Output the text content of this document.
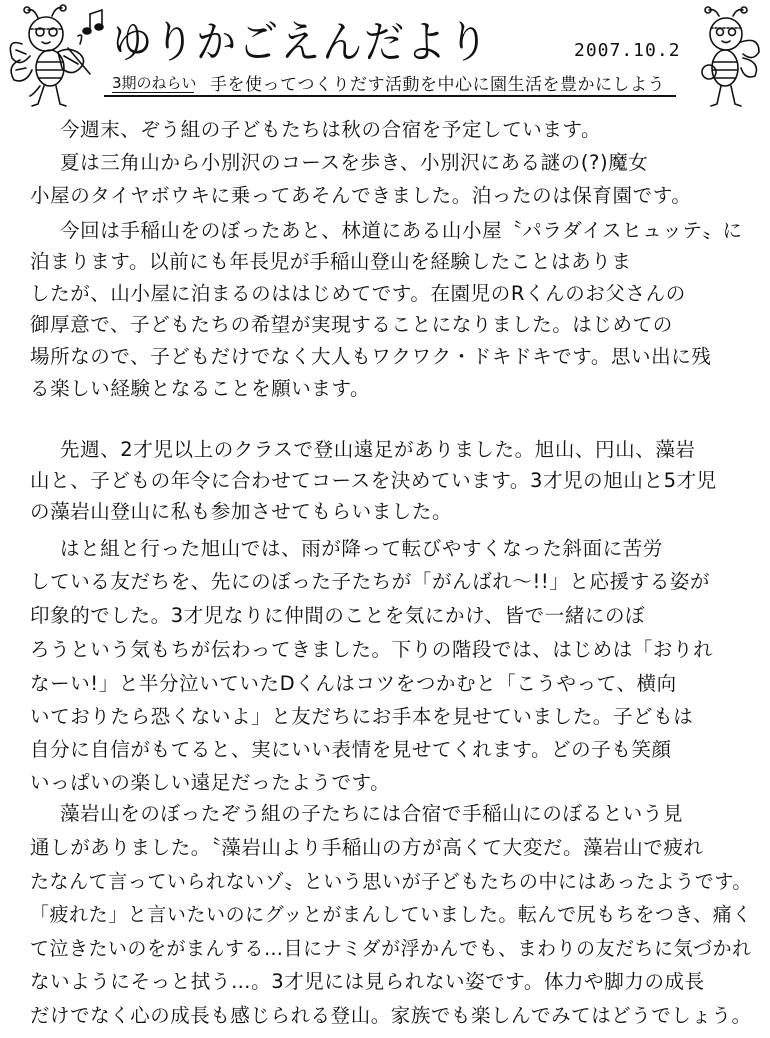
ゆりかごえんだより	2007.10.2
3期のねらい 手を使ってつくりだす活動を中心に園生活を豊かにしよう
今週末、ぞう組の子どもたちは秋の合宿を予定しています。
夏は三角山から小別沢のコースを歩き、小別沢にある謎の(?)魔女
小屋のタイヤボウキに乗ってあそんできました。泊ったのは保育園です。
今回は手稲山をのぼったあと、林道にある山小屋〝パラダイスヒュッテ〟に
泊まります。以前にも年長児が手稲山登山を経験したことはありま
したが、山小屋に泊まるのははじめてです。在園児のRくんのお父さんの
御厚意で、子どもたちの希望が実現することになりました。はじめての
場所なので、子どもだけでなく大人もワクワク・ドキドキです。思い出に残
る楽しい経験となることを願います。
先週、2才児以上のクラスで登山遠足がありました。旭山、円山、藻岩
山と、子どもの年令に合わせてコースを決めています。3才児の旭山と5才児
の藻岩山登山に私も参加させてもらいました。
はと組と行った旭山では、雨が降って転びやすくなった斜面に苦労
している友だちを、先にのぼった子たちが「がんばれ〜!!」と応援する姿が
印象的でした。3才児なりに仲間のことを気にかけ、皆で一緒にのぼ
ろうという気もちが伝わってきました。下りの階段では、はじめは「おりれ
なーい!」と半分泣いていたDくんはコツをつかむと「こうやって、横向
いておりたら恐くないよ」と友だちにお手本を見せていました。子どもは
自分に自信がもてると、実にいい表情を見せてくれます。どの子も笑顔
いっぱいの楽しい遠足だったようです。
藻岩山をのぼったぞう組の子たちには合宿で手稲山にのぼるという見
通しがありました。〝藻岩山より手稲山の方が高くて大変だ。藻岩山で疲れ
たなんて言っていられないゾ〟という思いが子どもたちの中にはあったようです。
「疲れた」と言いたいのにグッとがまんしていました。転んで尻もちをつき、痛く
て泣きたいのをがまんする…目にナミダが浮かんでも、まわりの友だちに気づかれ
ないようにそっと拭う…。3才児には見られない姿です。体力や脚力の成長
だけでなく心の成長も感じられる登山。家族でも楽しんでみてはどうでしょう。
